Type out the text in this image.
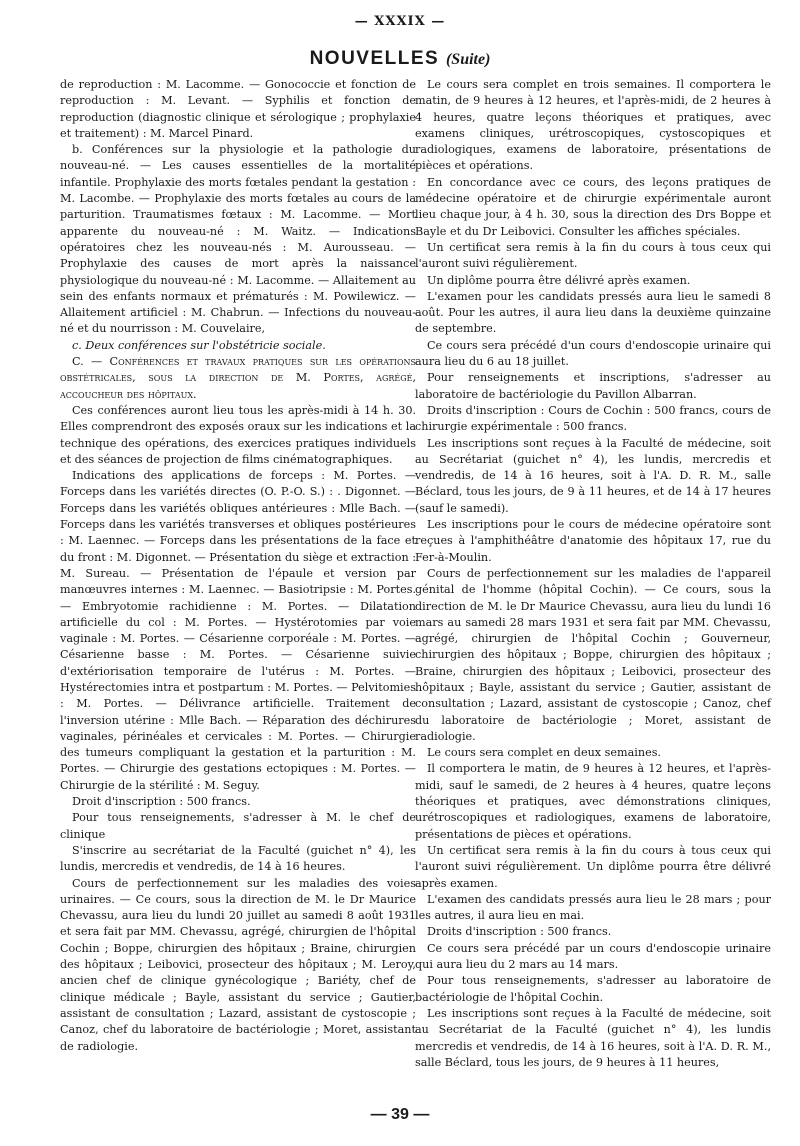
— XXXIX —
NOUVELLES (Suite)

de reproduction : M. Lacomme. — Gonococcie et fonction de reproduction : M. Levant. — Syphilis et fonction de reproduction (diagnostic clinique et sérologique ; prophylaxie et traitement) : M. Marcel Pinard.

b. Conférences sur la physiologie et la pathologie du nouveau-né. — Les causes essentielles de la mortalité infantile. Prophylaxie des morts fœtales pendant la gestation : M. Lacombe. — Prophylaxie des morts fœtales au cours de la parturition. Traumatismes fœtaux : M. Lacomme. — Mort apparente du nouveau-né : M. Waitz. — Indications opératoires chez les nouveau-nés : M. Aurousseau. — Prophylaxie des causes de mort après la naissance physiologique du nouveau-né : M. Lacomme. — Allaitement au sein des enfants normaux et prématurés : M. Powilewicz. — Allaitement artificiel : M. Chabrun. — Infections du nouveau-né et du nourrisson : M. Couvelaire,

c. Deux conférences sur l'obstétricie sociale.

C. — Conférences et travaux pratiques sur les opérations obstétricales, sous la direction de M. Portes, agrégé, accoucheur des hôpitaux.

Ces conférences auront lieu tous les après-midi à 14 h. 30. Elles comprendront des exposés oraux sur les indications et la technique des opérations, des exercices pratiques individuels et des séances de projection de films cinématographiques.

Indications des applications de forceps : M. Portes. — Forceps dans les variétés directes (O. P.-O. S.) : . Digonnet. — Forceps dans les variétés obliques antérieures : Mlle Bach. — Forceps dans les variétés transverses et obliques postérieures : M. Laennec. — Forceps dans les présentations de la face et du front : M. Digonnet. — Présentation du siège et extraction : M. Sureau. — Présentation de l'épaule et version par manœuvres internes : M. Laennec. — Basiotripsie : M. Portes. — Embryotomie rachidienne : M. Portes. — Dilatation artificielle du col : M. Portes. — Hystérotomies par voie vaginale : M. Portes. — Césarienne corporéale : M. Portes. — Césarienne basse : M. Portes. — Césarienne suivie d'extériorisation temporaire de l'utérus : M. Portes. — Hystérectomies intra et postpartum : M. Portes. — Pelvitomies : M. Portes. — Délivrance artificielle. Traitement de l'inversion utérine : Mlle Bach. — Réparation des déchirures vaginales, périnéales et cervicales : M. Portes. — Chirurgie des tumeurs compliquant la gestation et la parturition : M. Portes. — Chirurgie des gestations ectopiques : M. Portes. — Chirurgie de la stérilité : M. Seguy.

Droit d'inscription : 500 francs.

Pour tous renseignements, s'adresser à M. le chef de clinique

S'inscrire au secrétariat de la Faculté (guichet n° 4), les lundis, mercredis et vendredis, de 14 à 16 heures.

Cours de perfectionnement sur les maladies des voies urinaires. — Ce cours, sous la direction de M. le Dr Maurice Chevassu, aura lieu du lundi 20 juillet au samedi 8 août 1931 et sera fait par MM. Chevassu, agrégé, chirurgien de l'hôpital Cochin ; Boppe, chirurgien des hôpitaux ; Braine, chirurgien des hôpitaux ; Leibovici, prosecteur des hôpitaux ; M. Leroy, ancien chef de clinique gynécologique ; Bariéty, chef de clinique médicale ; Bayle, assistant du service ; Gautier, assistant de consultation ; Lazard, assistant de cystoscopie ; Canoz, chef du laboratoire de bactériologie ; Moret, assistant de radiologie.

Le cours sera complet en trois semaines. Il comportera le matin, de 9 heures à 12 heures, et l'après-midi, de 2 heures à 4 heures, quatre leçons théoriques et pratiques, avec examens cliniques, urétroscopiques, cystoscopiques et radiologiques, examens de laboratoire, présentations de pièces et opérations.

En concordance avec ce cours, des leçons pratiques de médecine opératoire et de chirurgie expérimentale auront lieu chaque jour, à 4 h. 30, sous la direction des Drs Boppe et Bayle et du Dr Leibovici. Consulter les affiches spéciales.

Un certificat sera remis à la fin du cours à tous ceux qui l'auront suivi régulièrement.

Un diplôme pourra être délivré après examen.

L'examen pour les candidats pressés aura lieu le samedi 8 août. Pour les autres, il aura lieu dans la deuxième quinzaine de septembre.

Ce cours sera précédé d'un cours d'endoscopie urinaire qui aura lieu du 6 au 18 juillet.

Pour renseignements et inscriptions, s'adresser au laboratoire de bactériologie du Pavillon Albarran.

Droits d'inscription : Cours de Cochin : 500 francs, cours de chirurgie expérimentale : 500 francs.

Les inscriptions sont reçues à la Faculté de médecine, soit au Secrétariat (guichet n° 4), les lundis, mercredis et vendredis, de 14 à 16 heures, soit à l'A. D. R. M., salle Béclard, tous les jours, de 9 à 11 heures, et de 14 à 17 heures (sauf le samedi).

Les inscriptions pour le cours de médecine opératoire sont reçues à l'amphithéâtre d'anatomie des hôpitaux 17, rue du Fer-à-Moulin.

Cours de perfectionnement sur les maladies de l'appareil génital de l'homme (hôpital Cochin). — Ce cours, sous la direction de M. le Dr Maurice Chevassu, aura lieu du lundi 16 mars au samedi 28 mars 1931 et sera fait par MM. Chevassu, agrégé, chirurgien de l'hôpital Cochin ; Gouverneur, chirurgien des hôpitaux ; Boppe, chirurgien des hôpitaux ; Braine, chirurgien des hôpitaux ; Leibovici, prosecteur des hôpitaux ; Bayle, assistant du service ; Gautier, assistant de consultation ; Lazard, assistant de cystoscopie ; Canoz, chef du laboratoire de bactériologie ; Moret, assistant de radiologie.

Le cours sera complet en deux semaines.

Il comportera le matin, de 9 heures à 12 heures, et l'après-midi, sauf le samedi, de 2 heures à 4 heures, quatre leçons théoriques et pratiques, avec démonstrations cliniques, urétroscopiques et radiologiques, examens de laboratoire, présentations de pièces et opérations.

Un certificat sera remis à la fin du cours à tous ceux qui l'auront suivi régulièrement. Un diplôme pourra être délivré après examen.

L'examen des candidats pressés aura lieu le 28 mars ; pour les autres, il aura lieu en mai.

Droits d'inscription : 500 francs.

Ce cours sera précédé par un cours d'endoscopie urinaire qui aura lieu du 2 mars au 14 mars.

Pour tous renseignements, s'adresser au laboratoire de bactériologie de l'hôpital Cochin.

Les inscriptions sont reçues à la Faculté de médecine, soit au Secrétariat de la Faculté (guichet n° 4), les lundis mercredis et vendredis, de 14 à 16 heures, soit à l'A. D. R. M., salle Béclard, tous les jours, de 9 heures à 11 heures,

— 39 —
